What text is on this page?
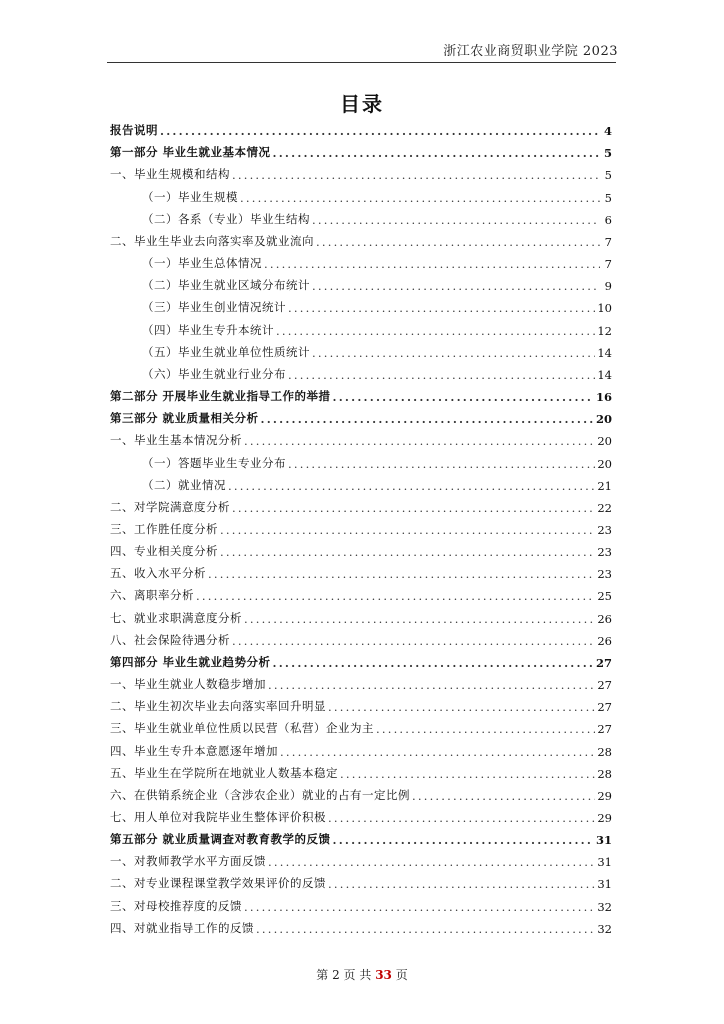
浙江农业商贸职业学院 2023
目录
报告说明 .....	4
第一部分 毕业生就业基本情况 .....	5
一、毕业生规模和结构 .....	5
（一）毕业生规模 .....	5
（二）各系（专业）毕业生结构 .....	6
二、毕业生毕业去向落实率及就业流向 .....	7
（一）毕业生总体情况 .....	7
（二）毕业生就业区域分布统计 .....	9
（三）毕业生创业情况统计 .....	10
（四）毕业生专升本统计 .....	12
（五）毕业生就业单位性质统计 .....	14
（六）毕业生就业行业分布 .....	14
第二部分 开展毕业生就业指导工作的举措 .....	16
第三部分 就业质量相关分析 .....	20
一、毕业生基本情况分析 .....	20
（一）答题毕业生专业分布 .....	20
（二）就业情况 .....	21
二、对学院满意度分析 .....	22
三、工作胜任度分析 .....	23
四、专业相关度分析 .....	23
五、收入水平分析 .....	23
六、离职率分析 .....	25
七、就业求职满意度分析 .....	26
八、社会保险待遇分析 .....	26
第四部分 毕业生就业趋势分析 .....	27
一、毕业生就业人数稳步增加 .....	27
二、毕业生初次毕业去向落实率回升明显 .....	27
三、毕业生就业单位性质以民营（私营）企业为主 .....	27
四、毕业生专升本意愿逐年增加 .....	28
五、毕业生在学院所在地就业人数基本稳定 .....	28
六、在供销系统企业（含涉农企业）就业的占有一定比例 .....	29
七、用人单位对我院毕业生整体评价积极 .....	29
第五部分 就业质量调查对教育教学的反馈 .....	31
一、对教师教学水平方面反馈 .....	31
二、对专业课程课堂教学效果评价的反馈 .....	31
三、对母校推荐度的反馈 .....	32
四、对就业指导工作的反馈 .....	32
第 2 页 共 33 页
